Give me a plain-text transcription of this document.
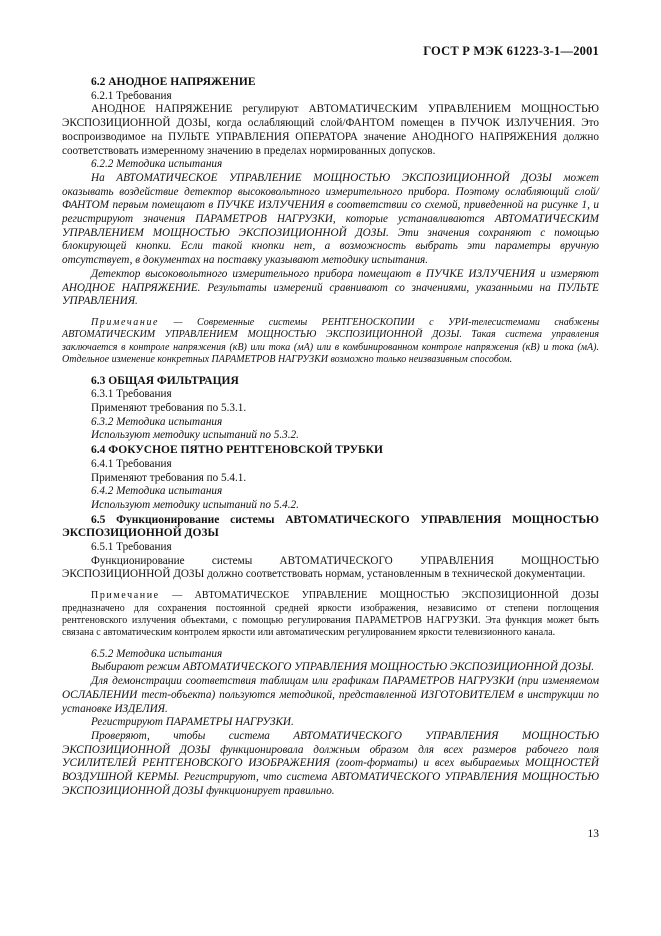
ГОСТ Р МЭК 61223-3-1—2001

6.2 АНОДНОЕ НАПРЯЖЕНИЕ

6.2.1 Требования

АНОДНОЕ НАПРЯЖЕНИЕ регулируют АВТОМАТИЧЕСКИМ УПРАВЛЕНИЕМ МОЩНОСТЬЮ ЭКСПОЗИЦИОННОЙ ДОЗЫ, когда ослабляющий слой/ФАНТОМ помещен в ПУЧОК ИЗЛУЧЕНИЯ. Это воспроизводимое на ПУЛЬТЕ УПРАВЛЕНИЯ ОПЕРАТОРА значение АНОДНОГО НАПРЯЖЕНИЯ должно соответствовать измеренному значению в пределах нормированных допусков.

6.2.2 Методика испытания

На АВТОМАТИЧЕСКОЕ УПРАВЛЕНИЕ МОЩНОСТЬЮ ЭКСПОЗИЦИОННОЙ ДОЗЫ может оказывать воздействие детектор высоковольтного измерительного прибора. Поэтому ослабляющий слой/ФАНТОМ первым помещают в ПУЧКЕ ИЗЛУЧЕНИЯ в соответствии со схемой, приведенной на рисунке 1, и регистрируют значения ПАРАМЕТРОВ НАГРУЗКИ, которые устанавливаются АВТОМАТИЧЕСКИМ УПРАВЛЕНИЕМ МОЩНОСТЬЮ ЭКСПОЗИЦИОННОЙ ДОЗЫ. Эти значения сохраняют с помощью блокирующей кнопки. Если такой кнопки нет, а возможность выбрать эти параметры вручную отсутствует, в документах на поставку указывают методику испытания.

Детектор высоковольтного измерительного прибора помещают в ПУЧКЕ ИЗЛУЧЕНИЯ и измеряют АНОДНОЕ НАПРЯЖЕНИЕ. Результаты измерений сравнивают со значениями, указанными на ПУЛЬТЕ УПРАВЛЕНИЯ.

Примечание — Современные системы РЕНТГЕНОСКОПИИ с УРИ-телесистемами снабжены АВТОМАТИЧЕСКИМ УПРАВЛЕНИЕМ МОЩНОСТЬЮ ЭКСПОЗИЦИОННОЙ ДОЗЫ. Такая система управления заключается в контроле напряжения (кВ) или тока (мА) или в комбинированном контроле напряжения (кВ) и тока (мА). Отдельное изменение конкретных ПАРАМЕТРОВ НАГРУЗКИ возможно только неизвазивным способом.

6.3 ОБЩАЯ ФИЛЬТРАЦИЯ

6.3.1 Требования

Применяют требования по 5.3.1.

6.3.2 Методика испытания

Используют методику испытаний по 5.3.2.

6.4 ФОКУСНОЕ ПЯТНО РЕНТГЕНОВСКОЙ ТРУБКИ

6.4.1 Требования

Применяют требования по 5.4.1.

6.4.2 Методика испытания

Используют методику испытаний по 5.4.2.

6.5 Функционирование системы АВТОМАТИЧЕСКОГО УПРАВЛЕНИЯ МОЩНОСТЬЮ ЭКСПОЗИЦИОННОЙ ДОЗЫ

6.5.1 Требования

Функционирование системы АВТОМАТИЧЕСКОГО УПРАВЛЕНИЯ МОЩНОСТЬЮ ЭКСПОЗИЦИОННОЙ ДОЗЫ должно соответствовать нормам, установленным в технической документации.

Примечание — АВТОМАТИЧЕСКОЕ УПРАВЛЕНИЕ МОЩНОСТЬЮ ЭКСПОЗИЦИОННОЙ ДОЗЫ предназначено для сохранения постоянной средней яркости изображения, независимо от степени поглощения рентгеновского излучения объектами, с помощью регулирования ПАРАМЕТРОВ НАГРУЗКИ. Эта функция может быть связана с автоматическим контролем яркости или автоматическим регулированием яркости телевизионного канала.

6.5.2 Методика испытания

Выбирают режим АВТОМАТИЧЕСКОГО УПРАВЛЕНИЯ МОЩНОСТЬЮ ЭКСПОЗИЦИОННОЙ ДОЗЫ.

Для демонстрации соответствия таблицам или графикам ПАРАМЕТРОВ НАГРУЗКИ (при изменяемом ОСЛАБЛЕНИИ тест-объекта) пользуются методикой, представленной ИЗГОТОВИТЕЛЕМ в инструкции по установке ИЗДЕЛИЯ.

Регистрируют ПАРАМЕТРЫ НАГРУЗКИ.

Проверяют, чтобы система АВТОМАТИЧЕСКОГО УПРАВЛЕНИЯ МОЩНОСТЬЮ ЭКСПОЗИЦИОННОЙ ДОЗЫ функционировала должным образом для всех размеров рабочего поля УСИЛИТЕЛЕЙ РЕНТГЕНОВСКОГО ИЗОБРАЖЕНИЯ (zoom-форматы) и всех выбираемых МОЩНОСТЕЙ ВОЗДУШНОЙ КЕРМЫ. Регистрируют, что система АВТОМАТИЧЕСКОГО УПРАВЛЕНИЯ МОЩНОСТЬЮ ЭКСПОЗИЦИОННОЙ ДОЗЫ функционирует правильно.

13
